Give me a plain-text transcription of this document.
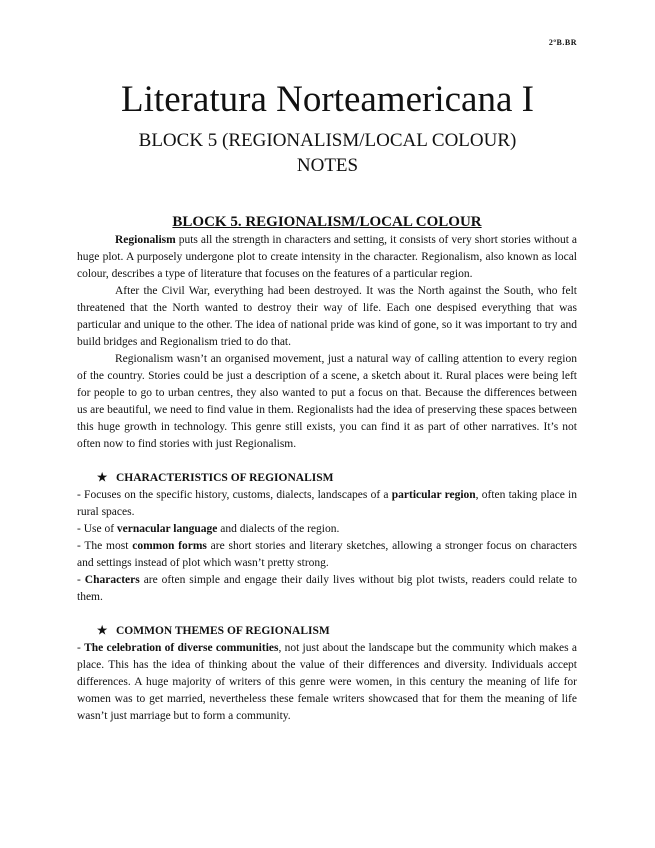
2ºB.BR
Literatura Norteamericana I
BLOCK 5 (REGIONALISM/LOCAL COLOUR)
NOTES
BLOCK 5. REGIONALISM/LOCAL COLOUR

Regionalism puts all the strength in characters and setting, it consists of very short stories without a huge plot. A purposely undergone plot to create intensity in the character. Regionalism, also known as local colour, describes a type of literature that focuses on the features of a particular region.

After the Civil War, everything had been destroyed. It was the North against the South, who felt threatened that the North wanted to destroy their way of life. Each one despised everything that was particular and unique to the other. The idea of national pride was kind of gone, so it was important to try and build bridges and Regionalism tried to do that.

Regionalism wasn’t an organised movement, just a natural way of calling attention to every region of the country. Stories could be just a description of a scene, a sketch about it. Rural places were being left for people to go to urban centres, they also wanted to put a focus on that. Because the differences between us are beautiful, we need to find value in them. Regionalists had the idea of preserving these spaces between this huge growth in technology. This genre still exists, you can find it as part of other narratives. It’s not often now to find stories with just Regionalism.

★ CHARACTERISTICS OF REGIONALISM

- Focuses on the specific history, customs, dialects, landscapes of a particular region, often taking place in rural spaces.

- Use of vernacular language and dialects of the region.

- The most common forms are short stories and literary sketches, allowing a stronger focus on characters and settings instead of plot which wasn’t pretty strong.

- Characters are often simple and engage their daily lives without big plot twists, readers could relate to them.

★ COMMON THEMES OF REGIONALISM

- The celebration of diverse communities, not just about the landscape but the community which makes a place. This has the idea of thinking about the value of their differences and diversity. Individuals accept differences. A huge majority of writers of this genre were women, in this century the meaning of life for women was to get married, nevertheless these female writers showcased that for them the meaning of life wasn’t just marriage but to form a community.
